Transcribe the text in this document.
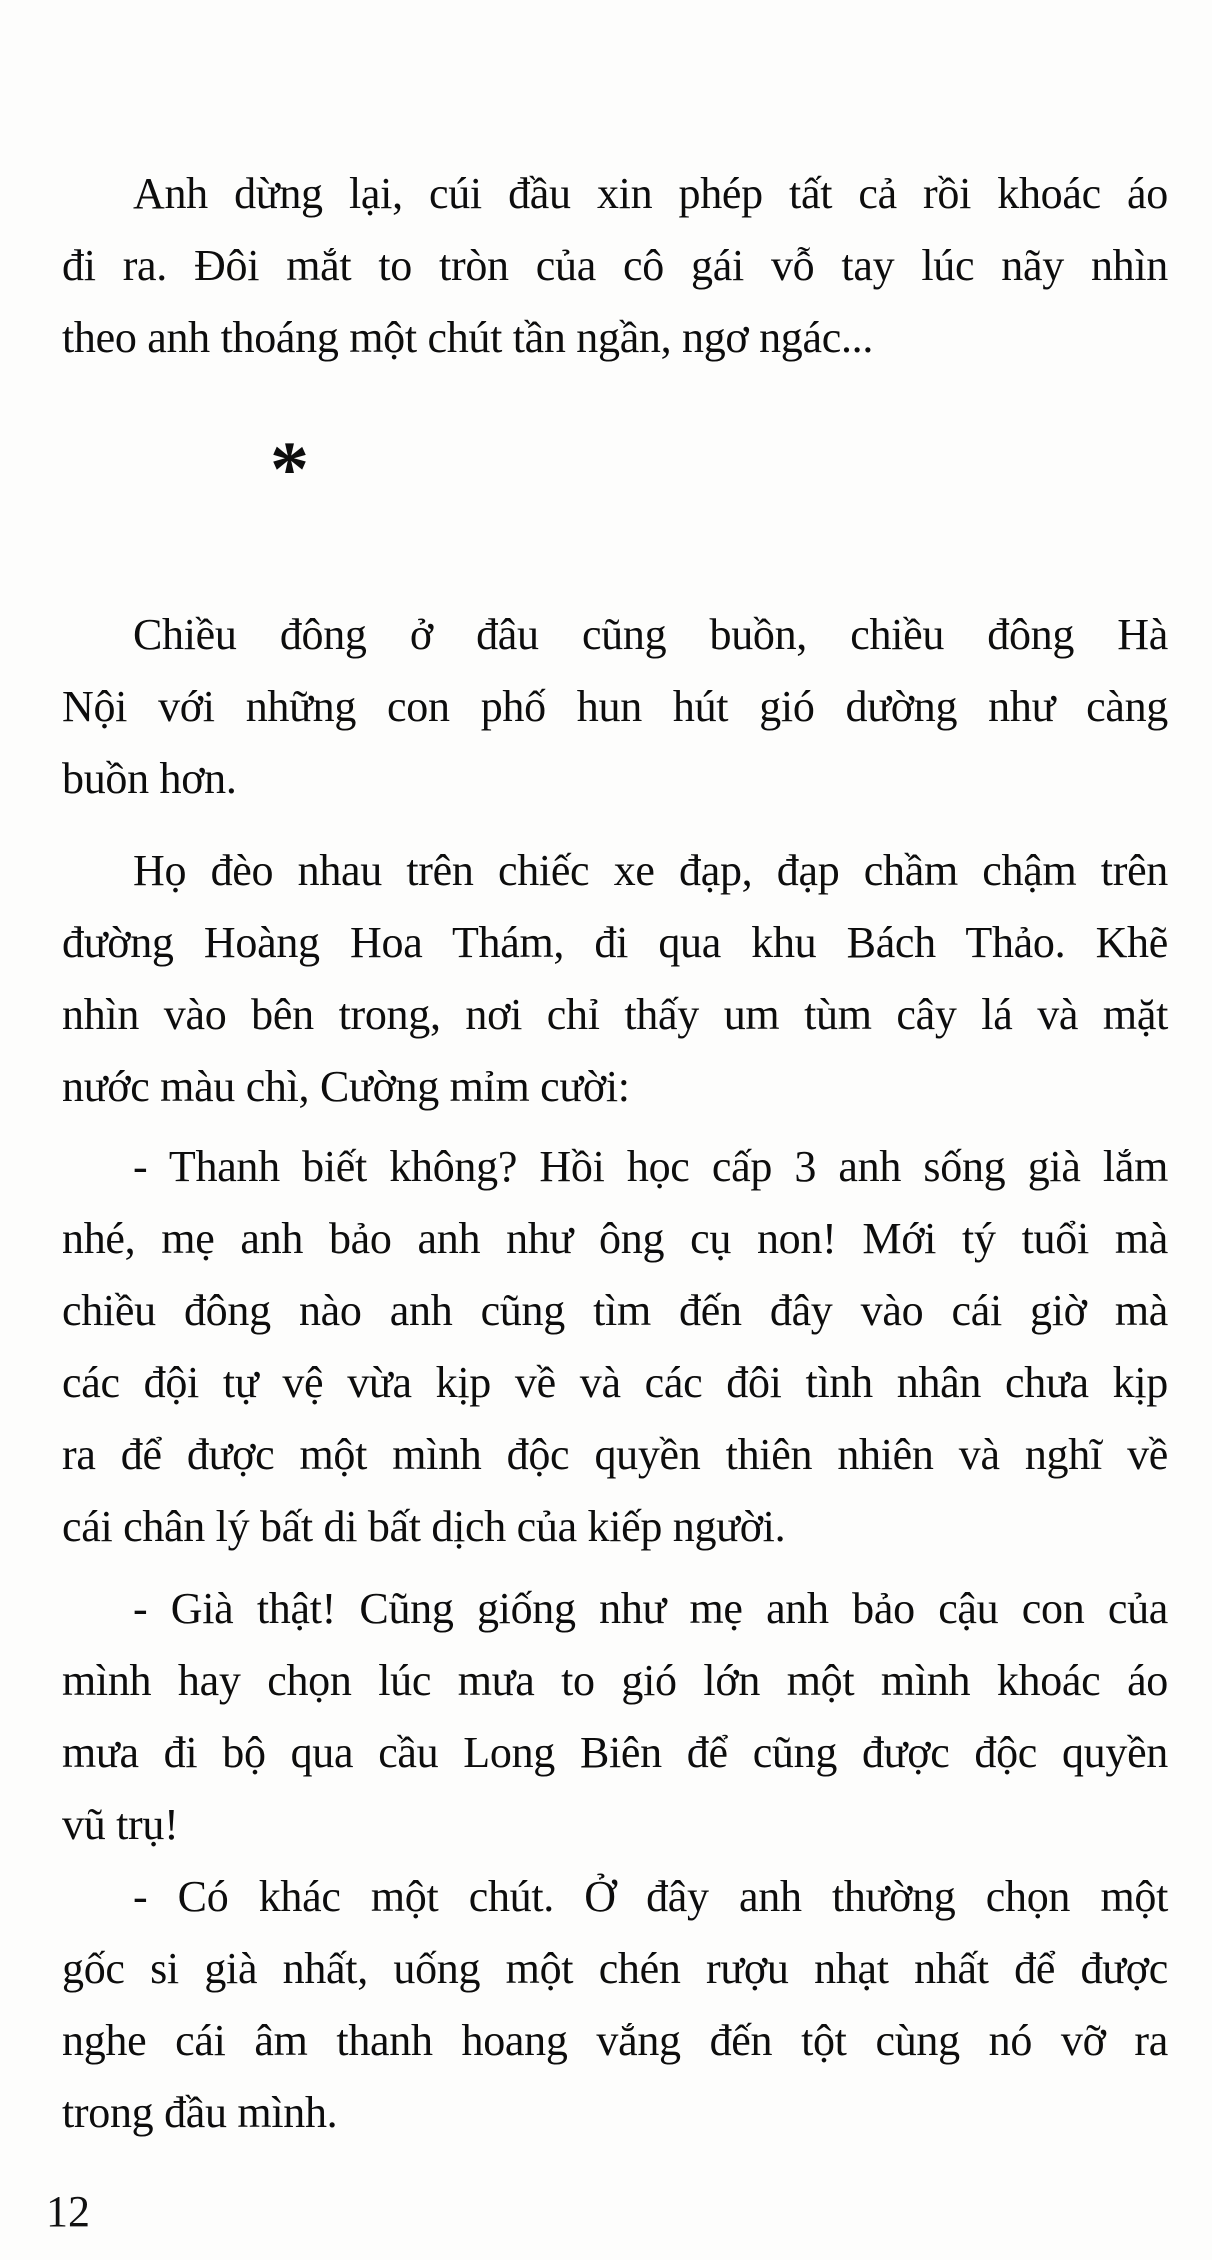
Anh dừng lại, cúi đầu xin phép tất cả rồi khoác áo
đi ra. Đôi mắt to tròn của cô gái vỗ tay lúc nãy nhìn
theo anh thoáng một chút tần ngần, ngơ ngác...
*
Chiều đông ở đâu cũng buồn, chiều đông Hà
Nội với những con phố hun hút gió dường như càng
buồn hơn.
Họ đèo nhau trên chiếc xe đạp, đạp chầm chậm trên
đường Hoàng Hoa Thám, đi qua khu Bách Thảo. Khẽ
nhìn vào bên trong, nơi chỉ thấy um tùm cây lá và mặt
nước màu chì, Cường mỉm cười:
- Thanh biết không? Hồi học cấp 3 anh sống già lắm
nhé, mẹ anh bảo anh như ông cụ non! Mới tý tuổi mà
chiều đông nào anh cũng tìm đến đây vào cái giờ mà
các đội tự vệ vừa kịp về và các đôi tình nhân chưa kịp
ra để được một mình độc quyền thiên nhiên và nghĩ về
cái chân lý bất di bất dịch của kiếp người.
- Già thật! Cũng giống như mẹ anh bảo cậu con của
mình hay chọn lúc mưa to gió lớn một mình khoác áo
mưa đi bộ qua cầu Long Biên để cũng được độc quyền
vũ trụ!
- Có khác một chút. Ở đây anh thường chọn một
gốc si già nhất, uống một chén rượu nhạt nhất để được
nghe cái âm thanh hoang vắng đến tột cùng nó vỡ ra
trong đầu mình.
12
